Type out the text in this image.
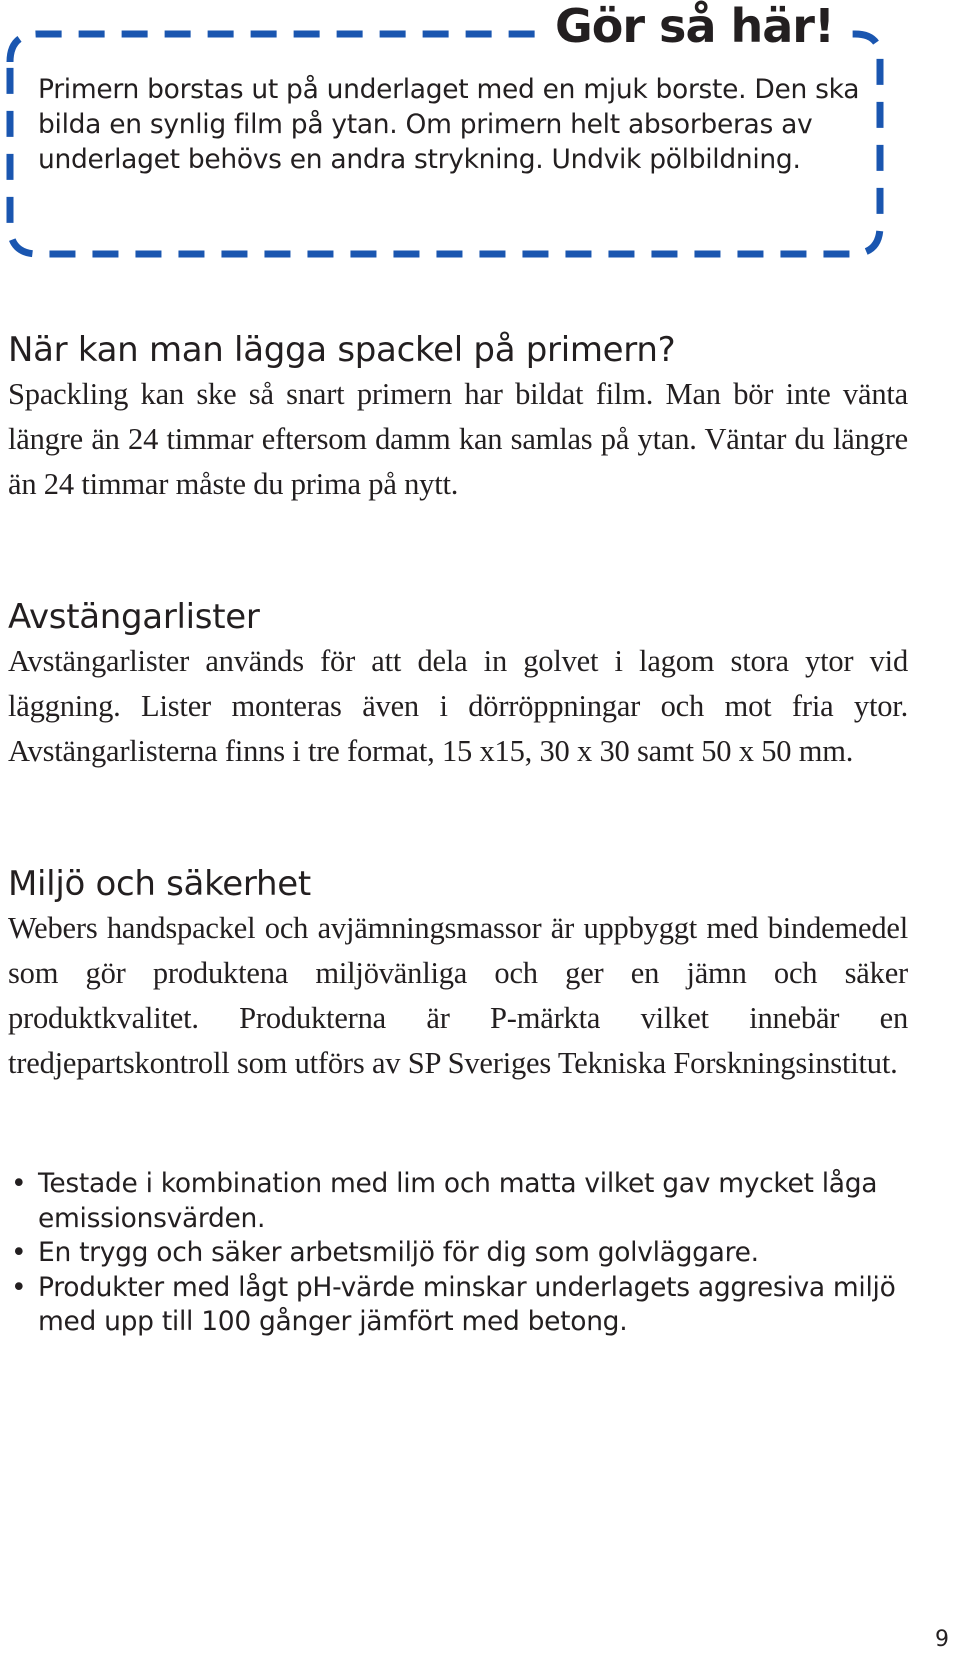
Gör så här!

Primern borstas ut på underlaget med en mjuk borste. Den ska bilda en synlig film på ytan. Om primern helt absorberas av underlaget behövs en andra strykning. Undvik pölbildning.

När kan man lägga spackel på primern?

Spackling kan ske så snart primern har bildat film. Man bör inte vänta längre än 24 timmar eftersom damm kan samlas på ytan. Väntar du längre än 24 timmar måste du prima på nytt.

Avstängarlister

Avstängarlister används för att dela in golvet i lagom stora ytor vid läggning. Lister monteras även i dörröppningar och mot fria ytor. Avstängarlisterna finns i tre format, 15 x15, 30 x 30 samt 50 x 50 mm.

Miljö och säkerhet

Webers handspackel och avjämningsmassor är uppbyggt med bindemedel som gör produktena miljövänliga och ger en jämn och säker produktkvalitet. Produkterna är P-märkta vilket innebär en tredjepartskontroll som utförs av SP Sveriges Tekniska Forskningsinstitut.

• Testade i kombination med lim och matta vilket gav mycket låga emissionsvärden.
• En trygg och säker arbetsmiljö för dig som golvläggare.
• Produkter med lågt pH-värde minskar underlagets aggresiva miljö med upp till 100 gånger jämfört med betong.
9
